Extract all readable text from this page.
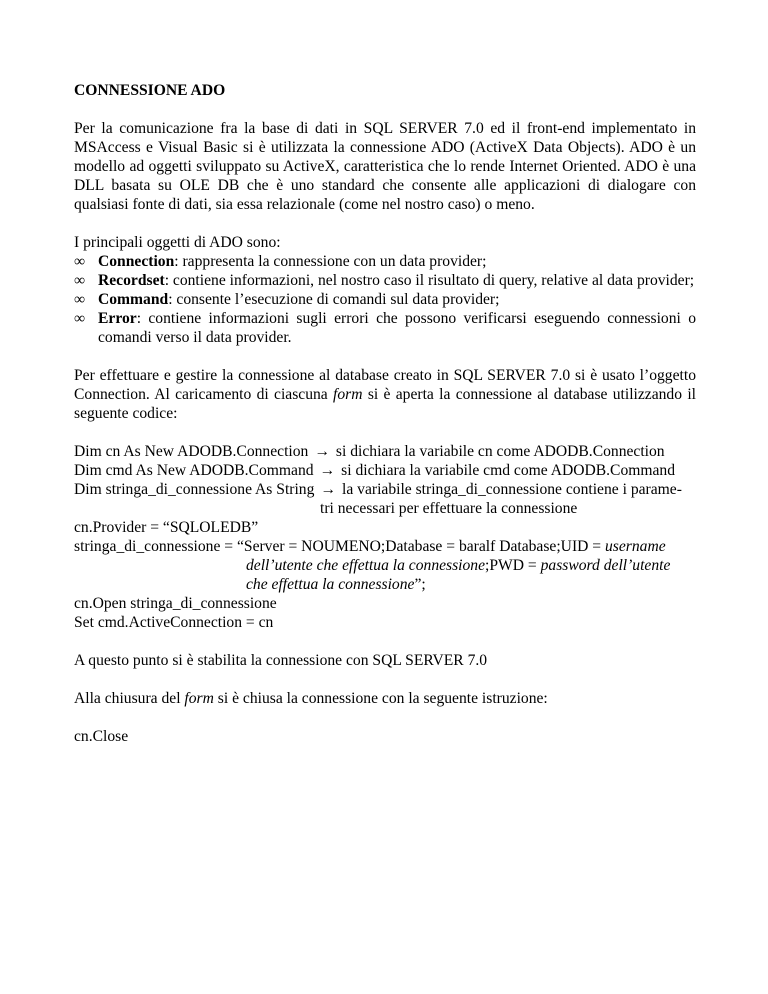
CONNESSIONE ADO

Per la comunicazione fra la base di dati in SQL SERVER 7.0 ed il front-end implementato in MSAccess e Visual Basic si è utilizzata la connessione ADO (ActiveX Data Objects). ADO è un modello ad oggetti sviluppato su ActiveX, caratteristica che lo rende Internet Oriented. ADO è una DLL basata su OLE DB che è uno standard che consente alle applicazioni di dialogare con qualsiasi fonte di dati, sia essa relazionale (come nel nostro caso) o meno.

I principali oggetti di ADO sono:
∞ Connection: rappresenta la connessione con un data provider;
∞ Recordset: contiene informazioni, nel nostro caso il risultato di query, relative al data provider;
∞ Command: consente l’esecuzione di comandi sul data provider;
∞ Error: contiene informazioni sugli errori che possono verificarsi eseguendo connessioni o comandi verso il data provider.

Per effettuare e gestire la connessione al database creato in SQL SERVER 7.0 si è usato l’oggetto Connection. Al caricamento di ciascuna form si è aperta la connessione al database utilizzando il seguente codice:

Dim cn As New ADODB.Connection → si dichiara la variabile cn come ADODB.Connection
Dim cmd As New ADODB.Command → si dichiara la variabile cmd come ADODB.Command
Dim stringa_di_connessione As String → la variabile stringa_di_connessione contiene i parame-
tri necessari per effettuare la connessione
cn.Provider = “SQLOLEDB”
stringa_di_connessione = “Server = NOUMENO;Database = baralf Database;UID = username
dell’utente che effettua la connessione;PWD = password dell’utente
che effettua la connessione”;
cn.Open stringa_di_connessione
Set cmd.ActiveConnection = cn

A questo punto si è stabilita la connessione con SQL SERVER 7.0

Alla chiusura del form si è chiusa la connessione con la seguente istruzione:

cn.Close
